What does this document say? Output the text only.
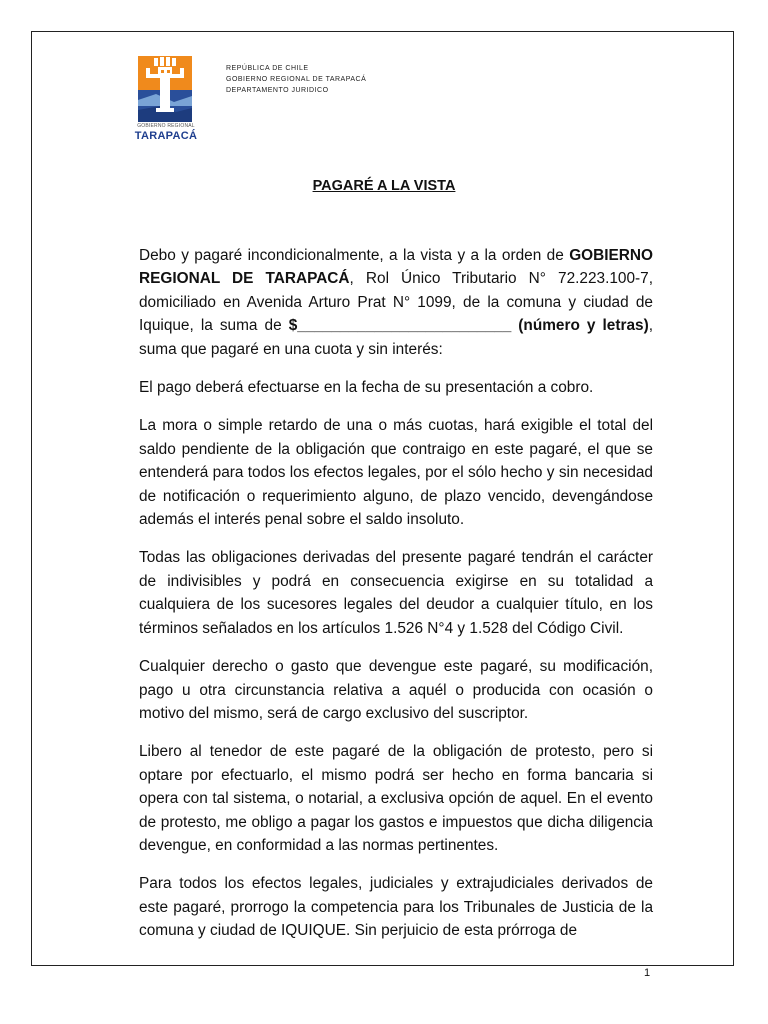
GOBIERNO REGIONAL
TARAPACÁ
REPÚBLICA DE CHILE
GOBIERNO REGIONAL DE TARAPACÁ
DEPARTAMENTO JURIDICO
PAGARÉ A LA VISTA

Debo y pagaré incondicionalmente, a la vista y a la orden de GOBIERNO REGIONAL DE TARAPACÁ, Rol Único Tributario N° 72.223.100-7, domiciliado en Avenida Arturo Prat N° 1099, de la comuna y ciudad de Iquique, la suma de $_________________________ (número y letras), suma que pagaré en una cuota y sin interés:

El pago deberá efectuarse en la fecha de su presentación a cobro.

La mora o simple retardo de una o más cuotas, hará exigible el total del saldo pendiente de la obligación que contraigo en este pagaré, el que se entenderá para todos los efectos legales, por el sólo hecho y sin necesidad de notificación o requerimiento alguno, de plazo vencido, devengándose además el interés penal sobre el saldo insoluto.

Todas las obligaciones derivadas del presente pagaré tendrán el carácter de indivisibles y podrá en consecuencia exigirse en su totalidad a cualquiera de los sucesores legales del deudor a cualquier título, en los términos señalados en los artículos 1.526 N°4 y 1.528 del Código Civil.

Cualquier derecho o gasto que devengue este pagaré, su modificación, pago u otra circunstancia relativa a aquél o producida con ocasión o motivo del mismo, será de cargo exclusivo del suscriptor.

Libero al tenedor de este pagaré de la obligación de protesto, pero si optare por efectuarlo, el mismo podrá ser hecho en forma bancaria si opera con tal sistema, o notarial, a exclusiva opción de aquel. En el evento de protesto, me obligo a pagar los gastos e impuestos que dicha diligencia devengue, en conformidad a las normas pertinentes.

Para todos los efectos legales, judiciales y extrajudiciales derivados de este pagaré, prorrogo la competencia para los Tribunales de Justicia de la comuna y ciudad de IQUIQUE. Sin perjuicio de esta prórroga de

1
